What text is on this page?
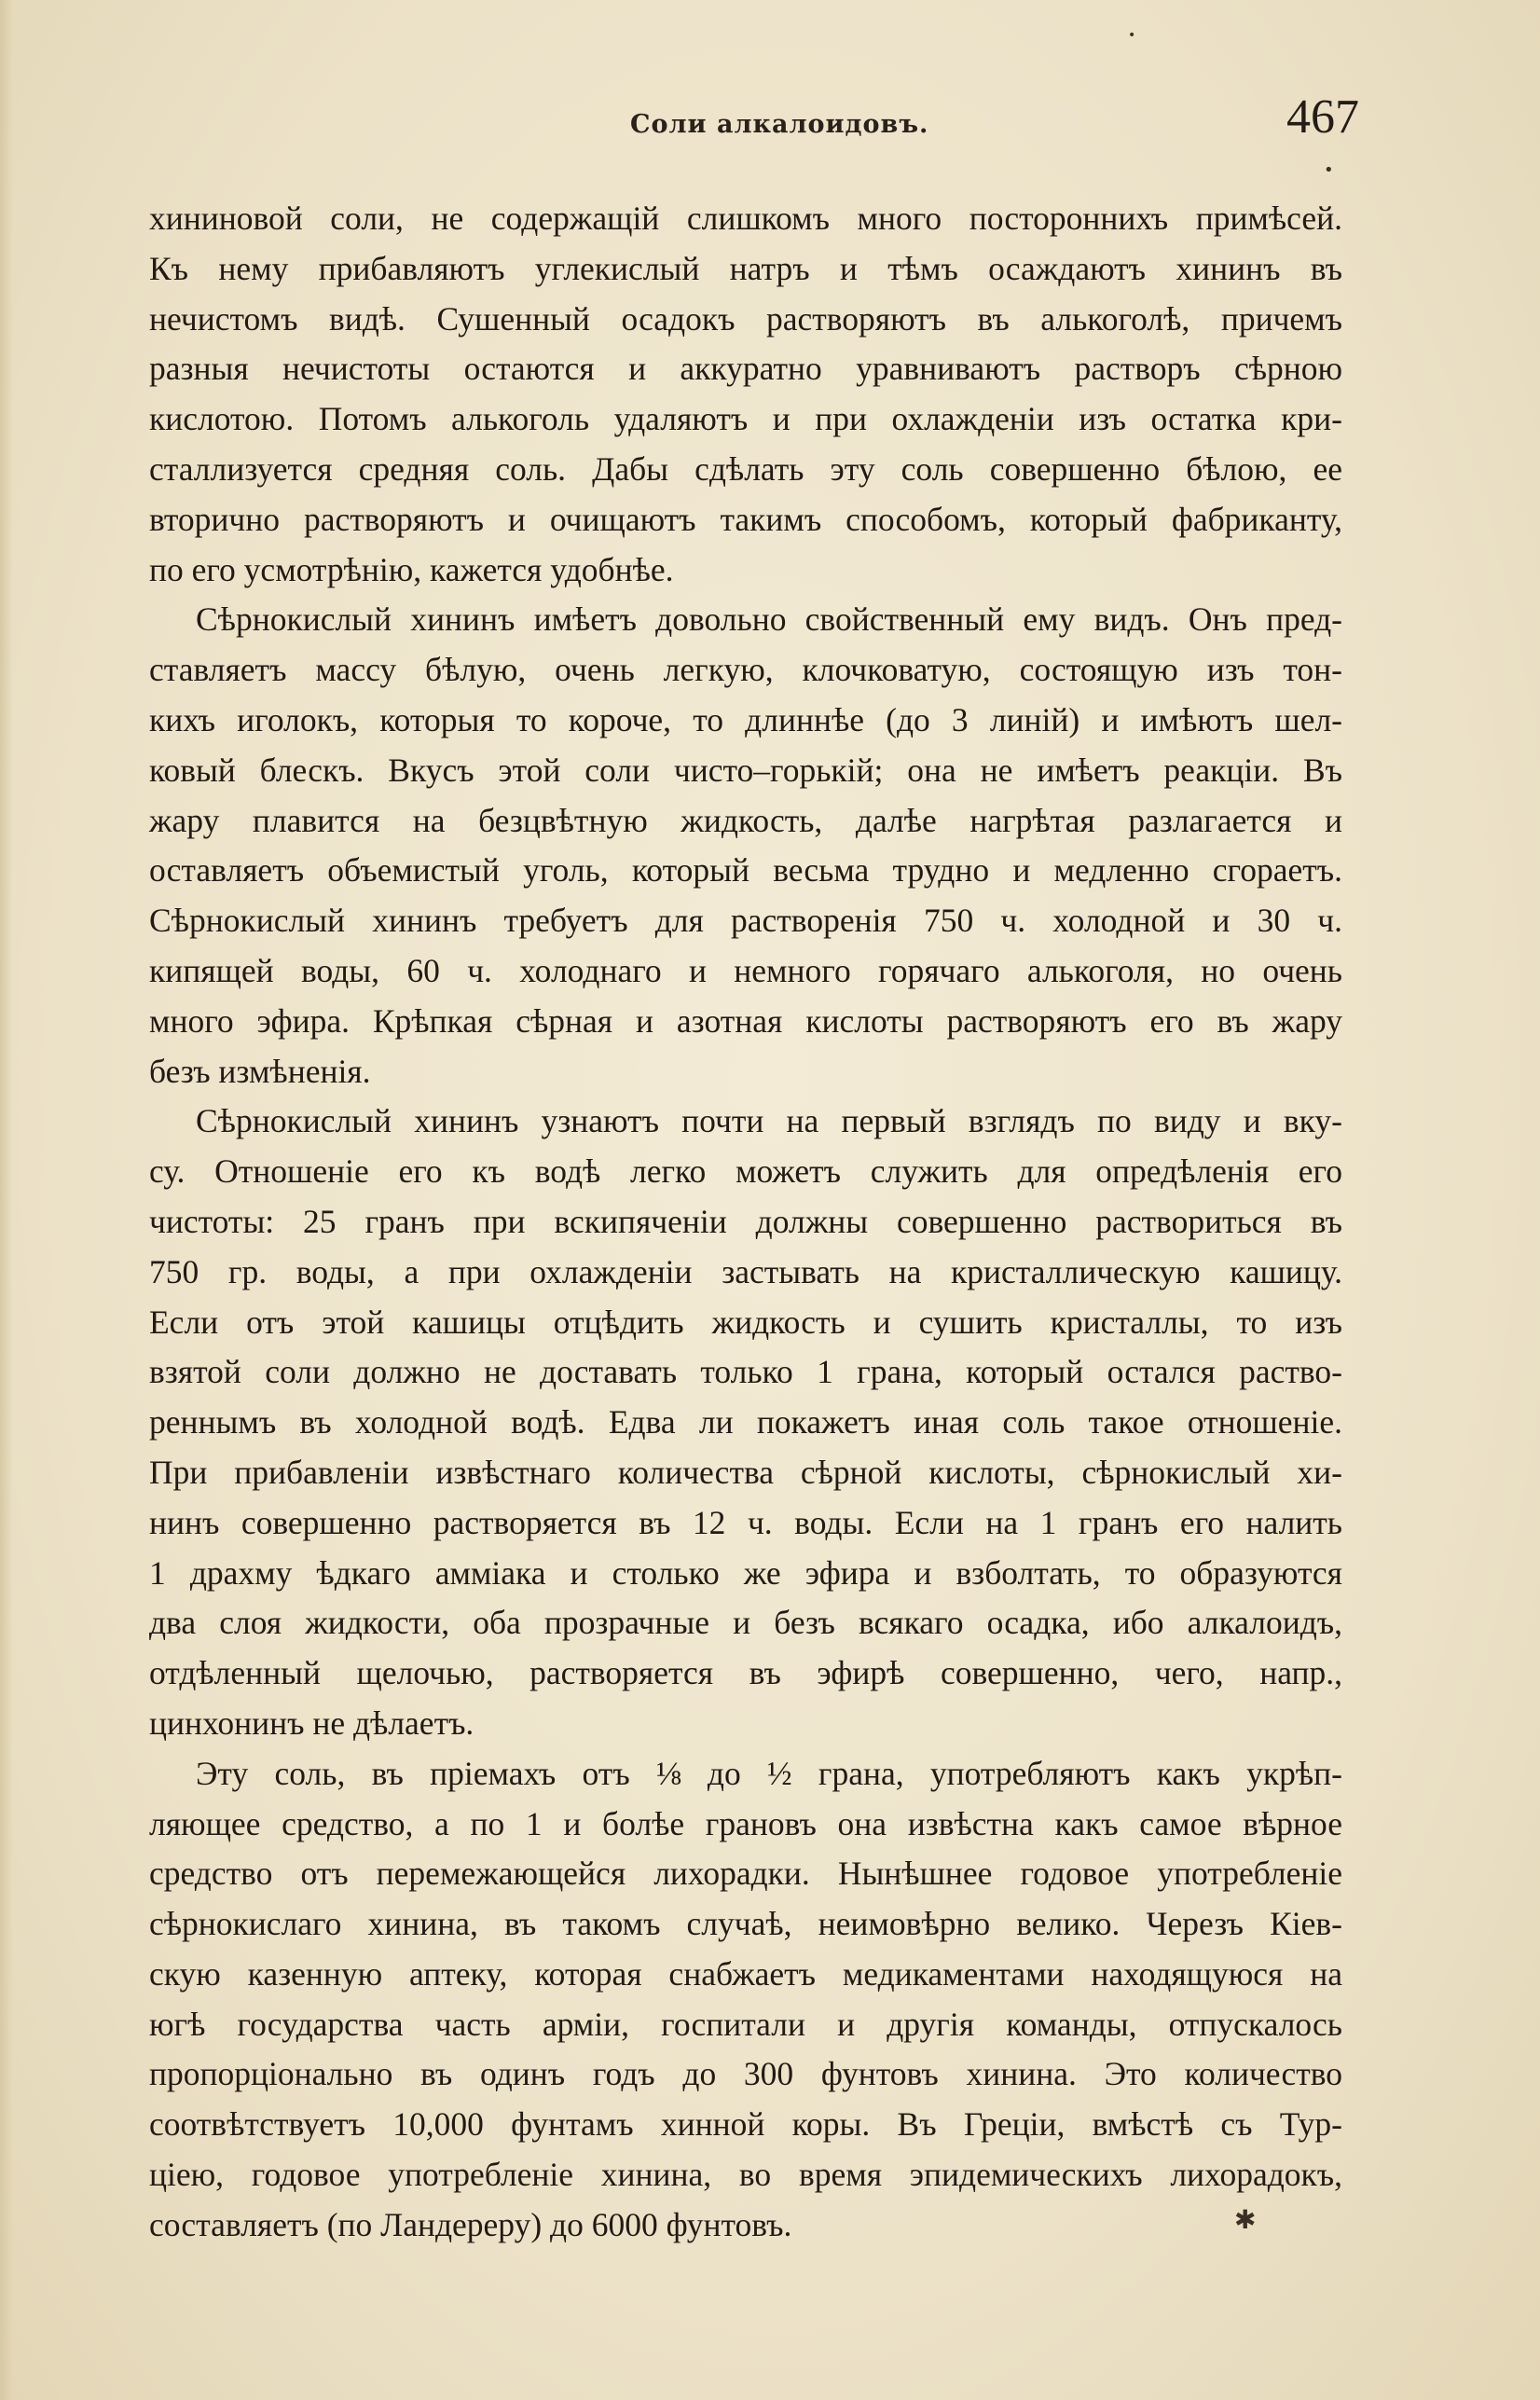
•
•
✱
Соли алкалоидовъ.	467
хининовой соли, не содержащій слишкомъ много постороннихъ примѣсей.
Къ нему прибавляютъ углекислый натръ и тѣмъ осаждаютъ хининъ въ
нечистомъ видѣ. Сушенный осадокъ растворяютъ въ алькоголѣ, причемъ
разныя нечистоты остаются и аккуратно уравниваютъ растворъ сѣрною
кислотою. Потомъ алькоголь удаляютъ и при охлажденіи изъ остатка кри-
сталлизуется средняя соль. Дабы сдѣлать эту соль совершенно бѣлою, ее
вторично растворяютъ и очищаютъ такимъ способомъ, который фабриканту,
по его усмотрѣнію, кажется удобнѣе.
Сѣрнокислый хининъ имѣетъ довольно свойственный ему видъ. Онъ пред-
ставляетъ массу бѣлую, очень легкую, клочковатую, состоящую изъ тон-
кихъ иголокъ, которыя то короче, то длиннѣе (до 3 линій) и имѣютъ шел-
ковый блескъ. Вкусъ этой соли чисто–горькій; она не имѣетъ реакціи. Въ
жару плавится на безцвѣтную жидкость, далѣе нагрѣтая разлагается и
оставляетъ объемистый уголь, который весьма трудно и медленно сгораетъ.
Сѣрнокислый хининъ требуетъ для растворенія 750 ч. холодной и 30 ч.
кипящей воды, 60 ч. холоднаго и немного горячаго алькоголя, но очень
много эфира. Крѣпкая сѣрная и азотная кислоты растворяютъ его въ жару
безъ измѣненія.
Сѣрнокислый хининъ узнаютъ почти на первый взглядъ по виду и вку-
су. Отношеніе его къ водѣ легко можетъ служить для опредѣленія его
чистоты: 25 гранъ при вскипяченіи должны совершенно раствориться въ
750 гр. воды, а при охлажденіи застывать на кристаллическую кашицу.
Если отъ этой кашицы отцѣдить жидкость и сушить кристаллы, то изъ
взятой соли должно не доставать только 1 грана, который остался раство-
реннымъ въ холодной водѣ. Едва ли покажетъ иная соль такое отношеніе.
При прибавленіи извѣстнаго количества сѣрной кислоты, сѣрнокислый хи-
нинъ совершенно растворяется въ 12 ч. воды. Если на 1 гранъ его налить
1 драхму ѣдкаго амміака и столько же эфира и взболтать, то образуются
два слоя жидкости, оба прозрачные и безъ всякаго осадка, ибо алкалоидъ,
отдѣленный щелочью, растворяется въ эфирѣ совершенно, чего, напр.,
цинхонинъ не дѣлаетъ.
Эту соль, въ пріемахъ отъ ⅛ до ½ грана, употребляютъ какъ укрѣп-
ляющее средство, а по 1 и болѣе грановъ она извѣстна какъ самое вѣрное
средство отъ перемежающейся лихорадки. Нынѣшнее годовое употребленіе
сѣрнокислаго хинина, въ такомъ случаѣ, неимовѣрно велико. Черезъ Кіев-
скую казенную аптеку, которая снабжаетъ медикаментами находящуюся на
югѣ государства часть арміи, госпитали и другія команды, отпускалось
пропорціонально въ одинъ годъ до 300 фунтовъ хинина. Это количество
соотвѣтствуетъ 10,000 фунтамъ хинной коры. Въ Греціи, вмѣстѣ съ Тур-
ціею, годовое употребленіе хинина, во время эпидемическихъ лихорадокъ,
составляетъ (по Ландереру) до 6000 фунтовъ.
